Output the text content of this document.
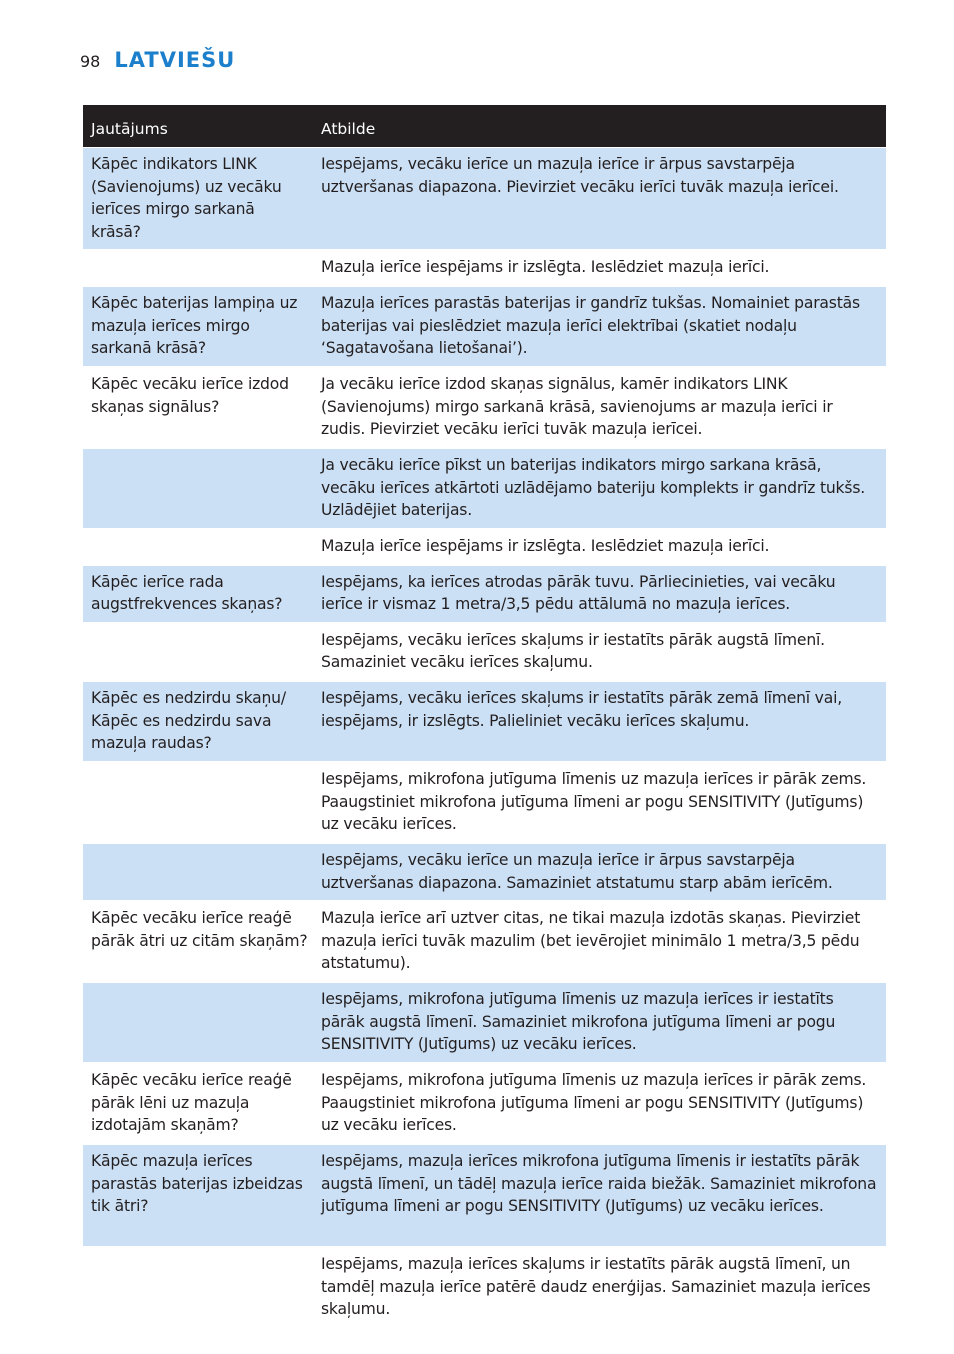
98 LATVIEŠU
Jautājums	Atbilde
Kāpēc indikators LINK (Savienojums) uz vecāku ierīces mirgo sarkanā krāsā?	Iespējams, vecāku ierīce un mazuļa ierīce ir ārpus savstarpēja uztveršanas diapazona. Pievirziet vecāku ierīci tuvāk mazuļa ierīcei.
	Mazuļa ierīce iespējams ir izslēgta. Ieslēdziet mazuļa ierīci.
Kāpēc baterijas lampiņa uz mazuļa ierīces mirgo sarkanā krāsā?	Mazuļa ierīces parastās baterijas ir gandrīz tukšas. Nomainiet parastās baterijas vai pieslēdziet mazuļa ierīci elektrībai (skatiet nodaļu ‘Sagatavošana lietošanai’).
Kāpēc vecāku ierīce izdod skaņas signālus?	Ja vecāku ierīce izdod skaņas signālus, kamēr indikators LINK (Savienojums) mirgo sarkanā krāsā, savienojums ar mazuļa ierīci ir zudis. Pievirziet vecāku ierīci tuvāk mazuļa ierīcei.
	Ja vecāku ierīce pīkst un baterijas indikators mirgo sarkana krāsā, vecāku ierīces atkārtoti uzlādējamo bateriju komplekts ir gandrīz tukšs. Uzlādējiet baterijas.
	Mazuļa ierīce iespējams ir izslēgta. Ieslēdziet mazuļa ierīci.
Kāpēc ierīce rada augstfrekvences skaņas?	Iespējams, ka ierīces atrodas pārāk tuvu. Pārliecinieties, vai vecāku ierīce ir vismaz 1 metra/3,5 pēdu attālumā no mazuļa ierīces.
	Iespējams, vecāku ierīces skaļums ir iestatīts pārāk augstā līmenī. Samaziniet vecāku ierīces skaļumu.
Kāpēc es nedzirdu skaņu/ Kāpēc es nedzirdu sava mazuļa raudas?	Iespējams, vecāku ierīces skaļums ir iestatīts pārāk zemā līmenī vai, iespējams, ir izslēgts. Palieliniet vecāku ierīces skaļumu.
	Iespējams, mikrofona jutīguma līmenis uz mazuļa ierīces ir pārāk zems. Paaugstiniet mikrofona jutīguma līmeni ar pogu SENSITIVITY (Jutīgums) uz vecāku ierīces.
	Iespējams, vecāku ierīce un mazuļa ierīce ir ārpus savstarpēja uztveršanas diapazona. Samaziniet atstatumu starp abām ierīcēm.
Kāpēc vecāku ierīce reaģē pārāk ātri uz citām skaņām?	Mazuļa ierīce arī uztver citas, ne tikai mazuļa izdotās skaņas. Pievirziet mazuļa ierīci tuvāk mazulim (bet ievērojiet minimālo 1 metra/3,5 pēdu atstatumu).
	Iespējams, mikrofona jutīguma līmenis uz mazuļa ierīces ir iestatīts pārāk augstā līmenī. Samaziniet mikrofona jutīguma līmeni ar pogu SENSITIVITY (Jutīgums) uz vecāku ierīces.
Kāpēc vecāku ierīce reaģē pārāk lēni uz mazuļa izdotajām skaņām?	Iespējams, mikrofona jutīguma līmenis uz mazuļa ierīces ir pārāk zems. Paaugstiniet mikrofona jutīguma līmeni ar pogu SENSITIVITY (Jutīgums) uz vecāku ierīces.
Kāpēc mazuļa ierīces parastās baterijas izbeidzas tik ātri?	Iespējams, mazuļa ierīces mikrofona jutīguma līmenis ir iestatīts pārāk augstā līmenī, un tādēļ mazuļa ierīce raida biežāk. Samaziniet mikrofona jutīguma līmeni ar pogu SENSITIVITY (Jutīgums) uz vecāku ierīces.
	Iespējams, mazuļa ierīces skaļums ir iestatīts pārāk augstā līmenī, un tamdēļ mazuļa ierīce patērē daudz enerģijas. Samaziniet mazuļa ierīces skaļumu.
